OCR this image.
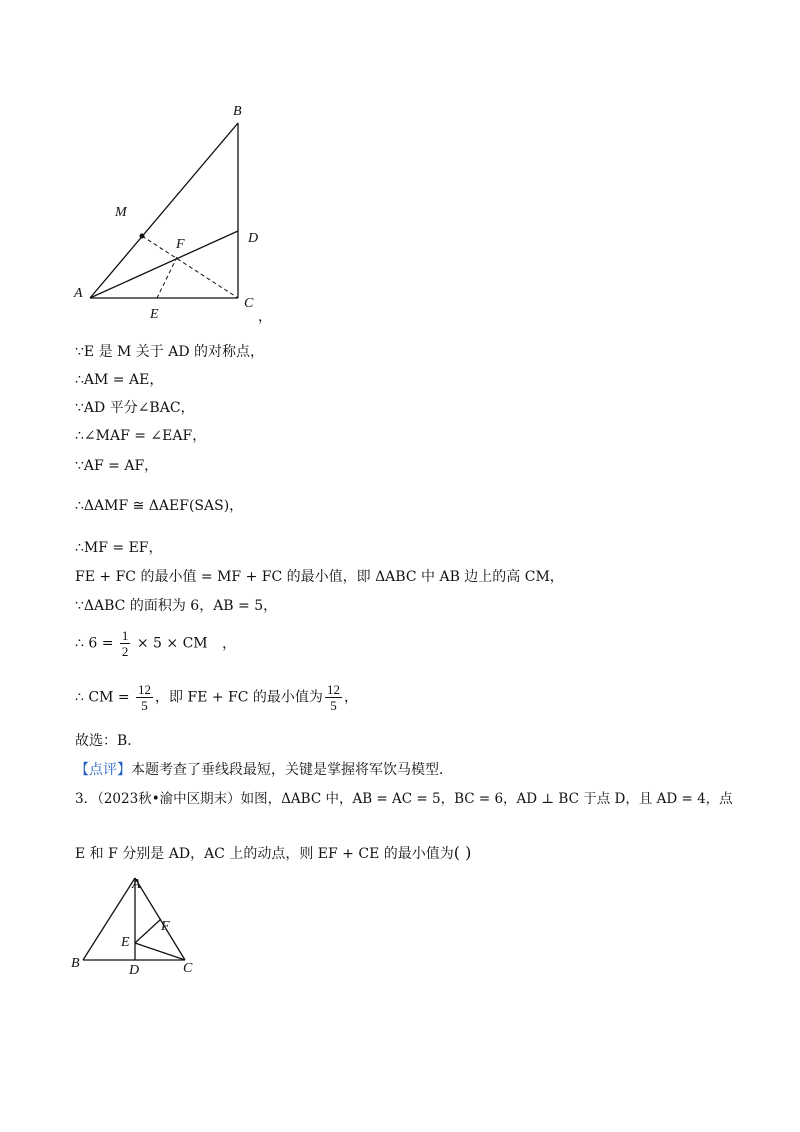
B
M
F	D
A
C
E	，
∵E 是 M 关于 AD 的对称点，
∴AM = AE，
∵AD 平分∠BAC，
∴∠MAF = ∠EAF，
∵AF = AF，
∴ΔAMF ≅ ΔAEF(SAS)，
∴MF = EF，
FE + FC 的最小值 = MF + FC 的最小值，即 ΔABC 中 AB 边上的高 CM，
∵ΔABC 的面积为 6，AB = 5，
∴ $6 = \frac{1}{2} \times 5$ × CM ，
∴ CM = $\frac{12}{5}$ ，即 FE + FC 的最小值为 $\frac{12}{5}$ ，
故选：B．
【点评】本题考查了垂线段最短，关键是掌握将军饮马模型．
3．（2023秋•渝中区期末）如图，ΔABC 中，AB = AC = 5，BC = 6，AD ⊥ BC 于点 D，且 AD = 4，点
E 和 F 分别是 AD，AC 上的动点，则 EF + CE 的最小值为( )
A
F
E
B	D	C
